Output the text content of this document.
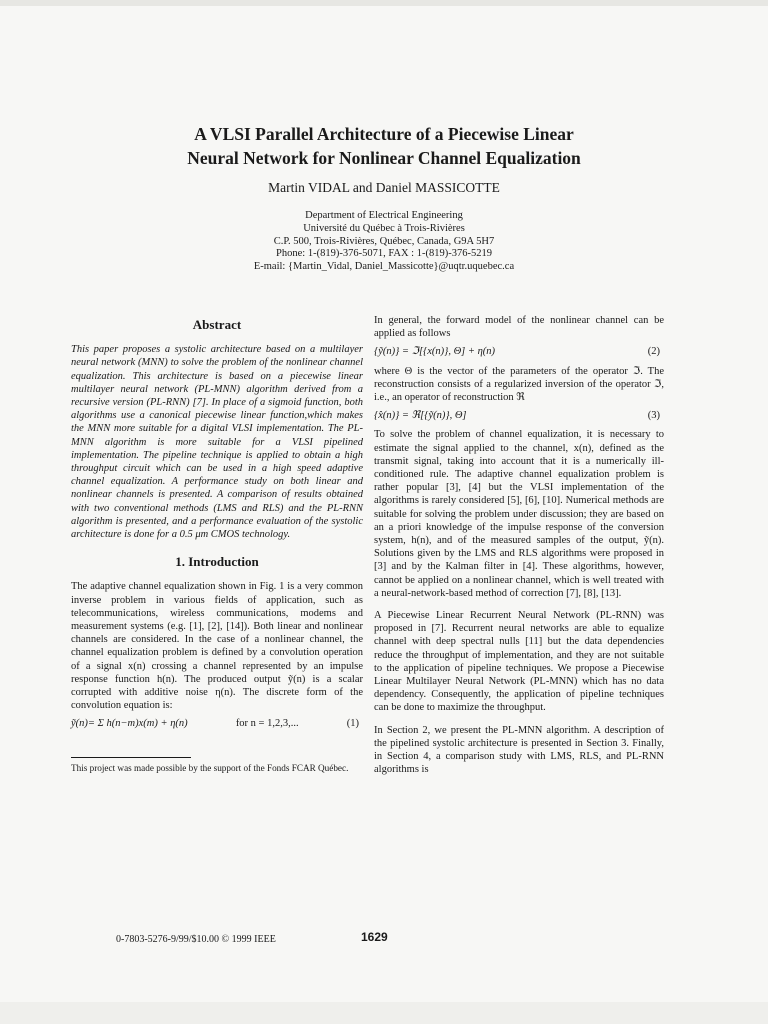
A VLSI Parallel Architecture of a Piecewise Linear
Neural Network for Nonlinear Channel Equalization
Martin VIDAL and Daniel MASSICOTTE
Department of Electrical Engineering
Université du Québec à Trois-Rivières
C.P. 500, Trois-Rivières, Québec, Canada, G9A 5H7
Phone: 1-(819)-376-5071, FAX : 1-(819)-376-5219
E-mail: {Martin_Vidal, Daniel_Massicotte}@uqtr.uquebec.ca
Abstract

This paper proposes a systolic architecture based on a multilayer neural network (MNN) to solve the problem of the nonlinear channel equalization. This architecture is based on a piecewise linear multilayer neural network (PL-MNN) algorithm derived from a recursive version (PL-RNN) [7]. In place of a sigmoid function, both algorithms use a canonical piecewise linear function,which makes the MNN more suitable for a digital VLSI implementation. The PL-MNN algorithm is more suitable for a VLSI pipelined implementation. The pipeline technique is applied to obtain a high throughput circuit which can be used in a high speed adaptive channel equalization. A performance study on both linear and nonlinear channels is presented. A comparison of results obtained with two conventional methods (LMS and RLS) and the PL-RNN algorithm is presented, and a performance evaluation of the systolic architecture is done for a 0.5 μm CMOS technology.

1. Introduction

The adaptive channel equalization shown in Fig. 1 is a very common inverse problem in various fields of application, such as telecommunications, wireless communications, modems and measurement systems (e.g. [1], [2], [14]). Both linear and nonlinear channels are considered. In the case of a nonlinear channel, the channel equalization problem is defined by a convolution operation of a signal x(n) crossing a channel represented by an impulse response function h(n). The produced output ỹ(n) is a scalar corrupted with additive noise η(n). The discrete form of the convolution equation is:

ỹ(n)= Σ h(n−m)x(m) + η(n)	for n = 1,2,3,...	(1)
This project was made possible by the support of the Fonds FCAR Québec.

In general, the forward model of the nonlinear channel can be applied as follows

{ỹ(n)} = ℑ[{x(n)}, Θ] + η(n)	(2)

where Θ is the vector of the parameters of the operator ℑ. The reconstruction consists of a regularized inversion of the operator ℑ, i.e., an operator of reconstruction ℜ

{x̂(n)} = ℜ[{ỹ(n)}, Θ]	(3)

To solve the problem of channel equalization, it is necessary to estimate the signal applied to the channel, x(n), defined as the transmit signal, taking into account that it is a numerically ill-conditioned rule. The adaptive channel equalization problem is rather popular [3], [4] but the VLSI implementation of the algorithms is rarely considered [5], [6], [10]. Numerical methods are suitable for solving the problem under discussion; they are based on an a priori knowledge of the impulse response of the conversion system, h(n), and of the measured samples of the output, ỹ(n). Solutions given by the LMS and RLS algorithms were proposed in [3] and by the Kalman filter in [4]. These algorithms, however, cannot be applied on a nonlinear channel, which is well treated with a neural-network-based method of correction [7], [8], [13].

A Piecewise Linear Recurrent Neural Network (PL-RNN) was proposed in [7]. Recurrent neural networks are able to equalize channel with deep spectral nulls [11] but the data dependencies reduce the throughput of implementation, and they are not suitable to the application of pipeline techniques. We propose a Piecewise Linear Multilayer Neural Network (PL-MNN) which has no data dependency. Consequently, the application of pipeline techniques can be done to maximize the throughput.

In Section 2, we present the PL-MNN algorithm. A description of the pipelined systolic architecture is presented in Section 3. Finally, in Section 4, a comparison study with LMS, RLS, and PL-RNN algorithms is

0-7803-5276-9/99/$10.00 © 1999 IEEE	1629
